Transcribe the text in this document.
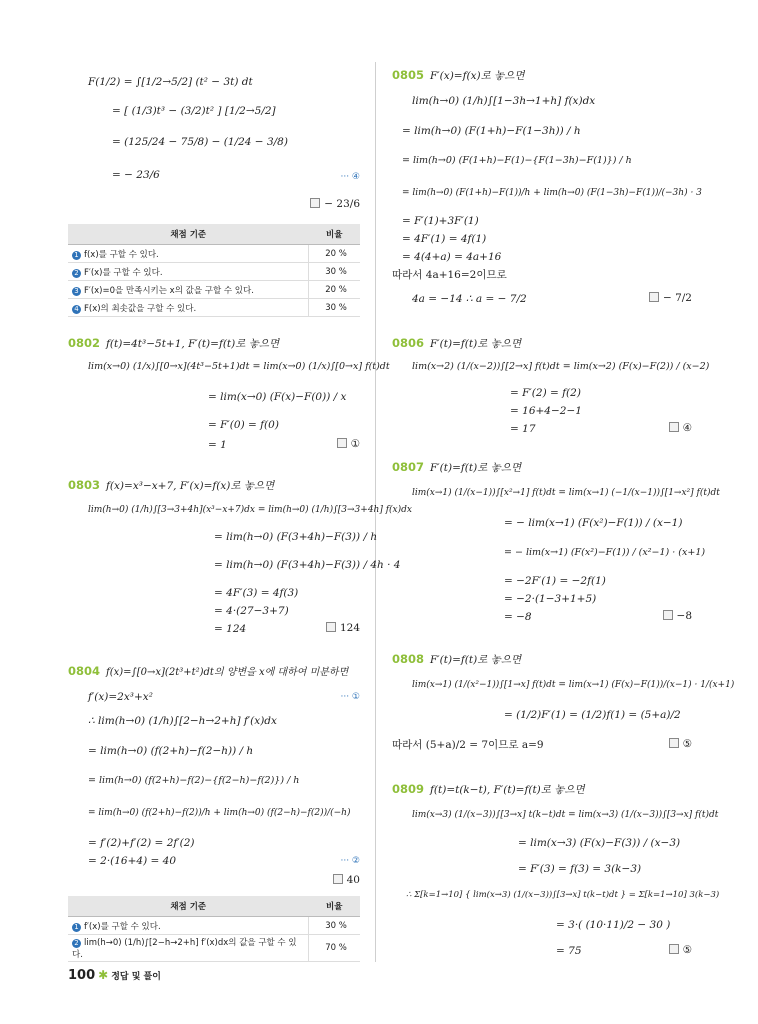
F(1/2) = ∫[1/2→5/2] (t² − 3t) dt
= [ (1/3)t³ − (3/2)t² ] [1/2→5/2]
= (125/24 − 75/8) − (1/24 − 3/8)
= − 23/6	··· ④
− 23/6
채점 기준	비율
1 f(x)를 구할 수 있다.	20 %
2 F′(x)를 구할 수 있다.	30 %
3 F′(x)=0을 만족시키는 x의 값을 구할 수 있다.	20 %
4 F(x)의 최솟값을 구할 수 있다.	30 %
0802 f(t)=4t³−5t+1, F′(t)=f(t)로 놓으면
lim(x→0) (1/x)∫[0→x](4t³−5t+1)dt = lim(x→0) (1/x)∫[0→x] f(t)dt
= lim(x→0) (F(x)−F(0)) / x
= F′(0) = f(0)
= 1	①
0803 f(x)=x³−x+7, F′(x)=f(x)로 놓으면
lim(h→0) (1/h)∫[3→3+4h](x³−x+7)dx = lim(h→0) (1/h)∫[3→3+4h] f(x)dx
= lim(h→0) (F(3+4h)−F(3)) / h
= lim(h→0) (F(3+4h)−F(3)) / 4h · 4
= 4F′(3) = 4f(3)
= 4·(27−3+7)
= 124	124
0804 f(x)=∫[0→x](2t³+t²)dt의 양변을 x에 대하여 미분하면
f′(x)=2x³+x²	··· ①
∴ lim(h→0) (1/h)∫[2−h→2+h] f′(x)dx
= lim(h→0) (f(2+h)−f(2−h)) / h
= lim(h→0) (f(2+h)−f(2)−{f(2−h)−f(2)}) / h
= lim(h→0) (f(2+h)−f(2))/h + lim(h→0) (f(2−h)−f(2))/(−h)
= f′(2)+f′(2) = 2f′(2)
= 2·(16+4) = 40	··· ②
40
채점 기준	비율
1 f′(x)를 구할 수 있다.	30 %
2 lim(h→0) (1/h)∫[2−h→2+h] f′(x)dx의 값을 구할 수 있다.	70 %
0805 F′(x)=f(x)로 놓으면
lim(h→0) (1/h)∫[1−3h→1+h] f(x)dx
= lim(h→0) (F(1+h)−F(1−3h)) / h
= lim(h→0) (F(1+h)−F(1)−{F(1−3h)−F(1)}) / h
= lim(h→0) (F(1+h)−F(1))/h + lim(h→0) (F(1−3h)−F(1))/(−3h) · 3
= F′(1)+3F′(1)
= 4F′(1) = 4f(1)
= 4(4+a) = 4a+16
따라서 4a+16=2이므로
4a = −14 ∴ a = − 7/2	− 7/2
0806 F′(t)=f(t)로 놓으면
lim(x→2) (1/(x−2))∫[2→x] f(t)dt = lim(x→2) (F(x)−F(2)) / (x−2)
= F′(2) = f(2)
= 16+4−2−1
= 17	④
0807 F′(t)=f(t)로 놓으면
lim(x→1) (1/(x−1))∫[x²→1] f(t)dt = lim(x→1) (−1/(x−1))∫[1→x²] f(t)dt
= − lim(x→1) (F(x²)−F(1)) / (x−1)
= − lim(x→1) (F(x²)−F(1)) / (x²−1) · (x+1)
= −2F′(1) = −2f(1)
= −2·(1−3+1+5)
= −8	−8
0808 F′(t)=f(t)로 놓으면
lim(x→1) (1/(x²−1))∫[1→x] f(t)dt = lim(x→1) (F(x)−F(1))/(x−1) · 1/(x+1)
= (1/2)F′(1) = (1/2)f(1) = (5+a)/2
따라서 (5+a)/2 = 7이므로 a=9	⑤
0809 f(t)=t(k−t), F′(t)=f(t)로 놓으면
lim(x→3) (1/(x−3))∫[3→x] t(k−t)dt = lim(x→3) (1/(x−3))∫[3→x] f(t)dt
= lim(x→3) (F(x)−F(3)) / (x−3)
= F′(3) = f(3) = 3(k−3)
∴ Σ[k=1→10] { lim(x→3) (1/(x−3))∫[3→x] t(k−t)dt } = Σ[k=1→10] 3(k−3)
= 3·( (10·11)/2 − 30 )
= 75	⑤
100 ✱ 정답 및 풀이
